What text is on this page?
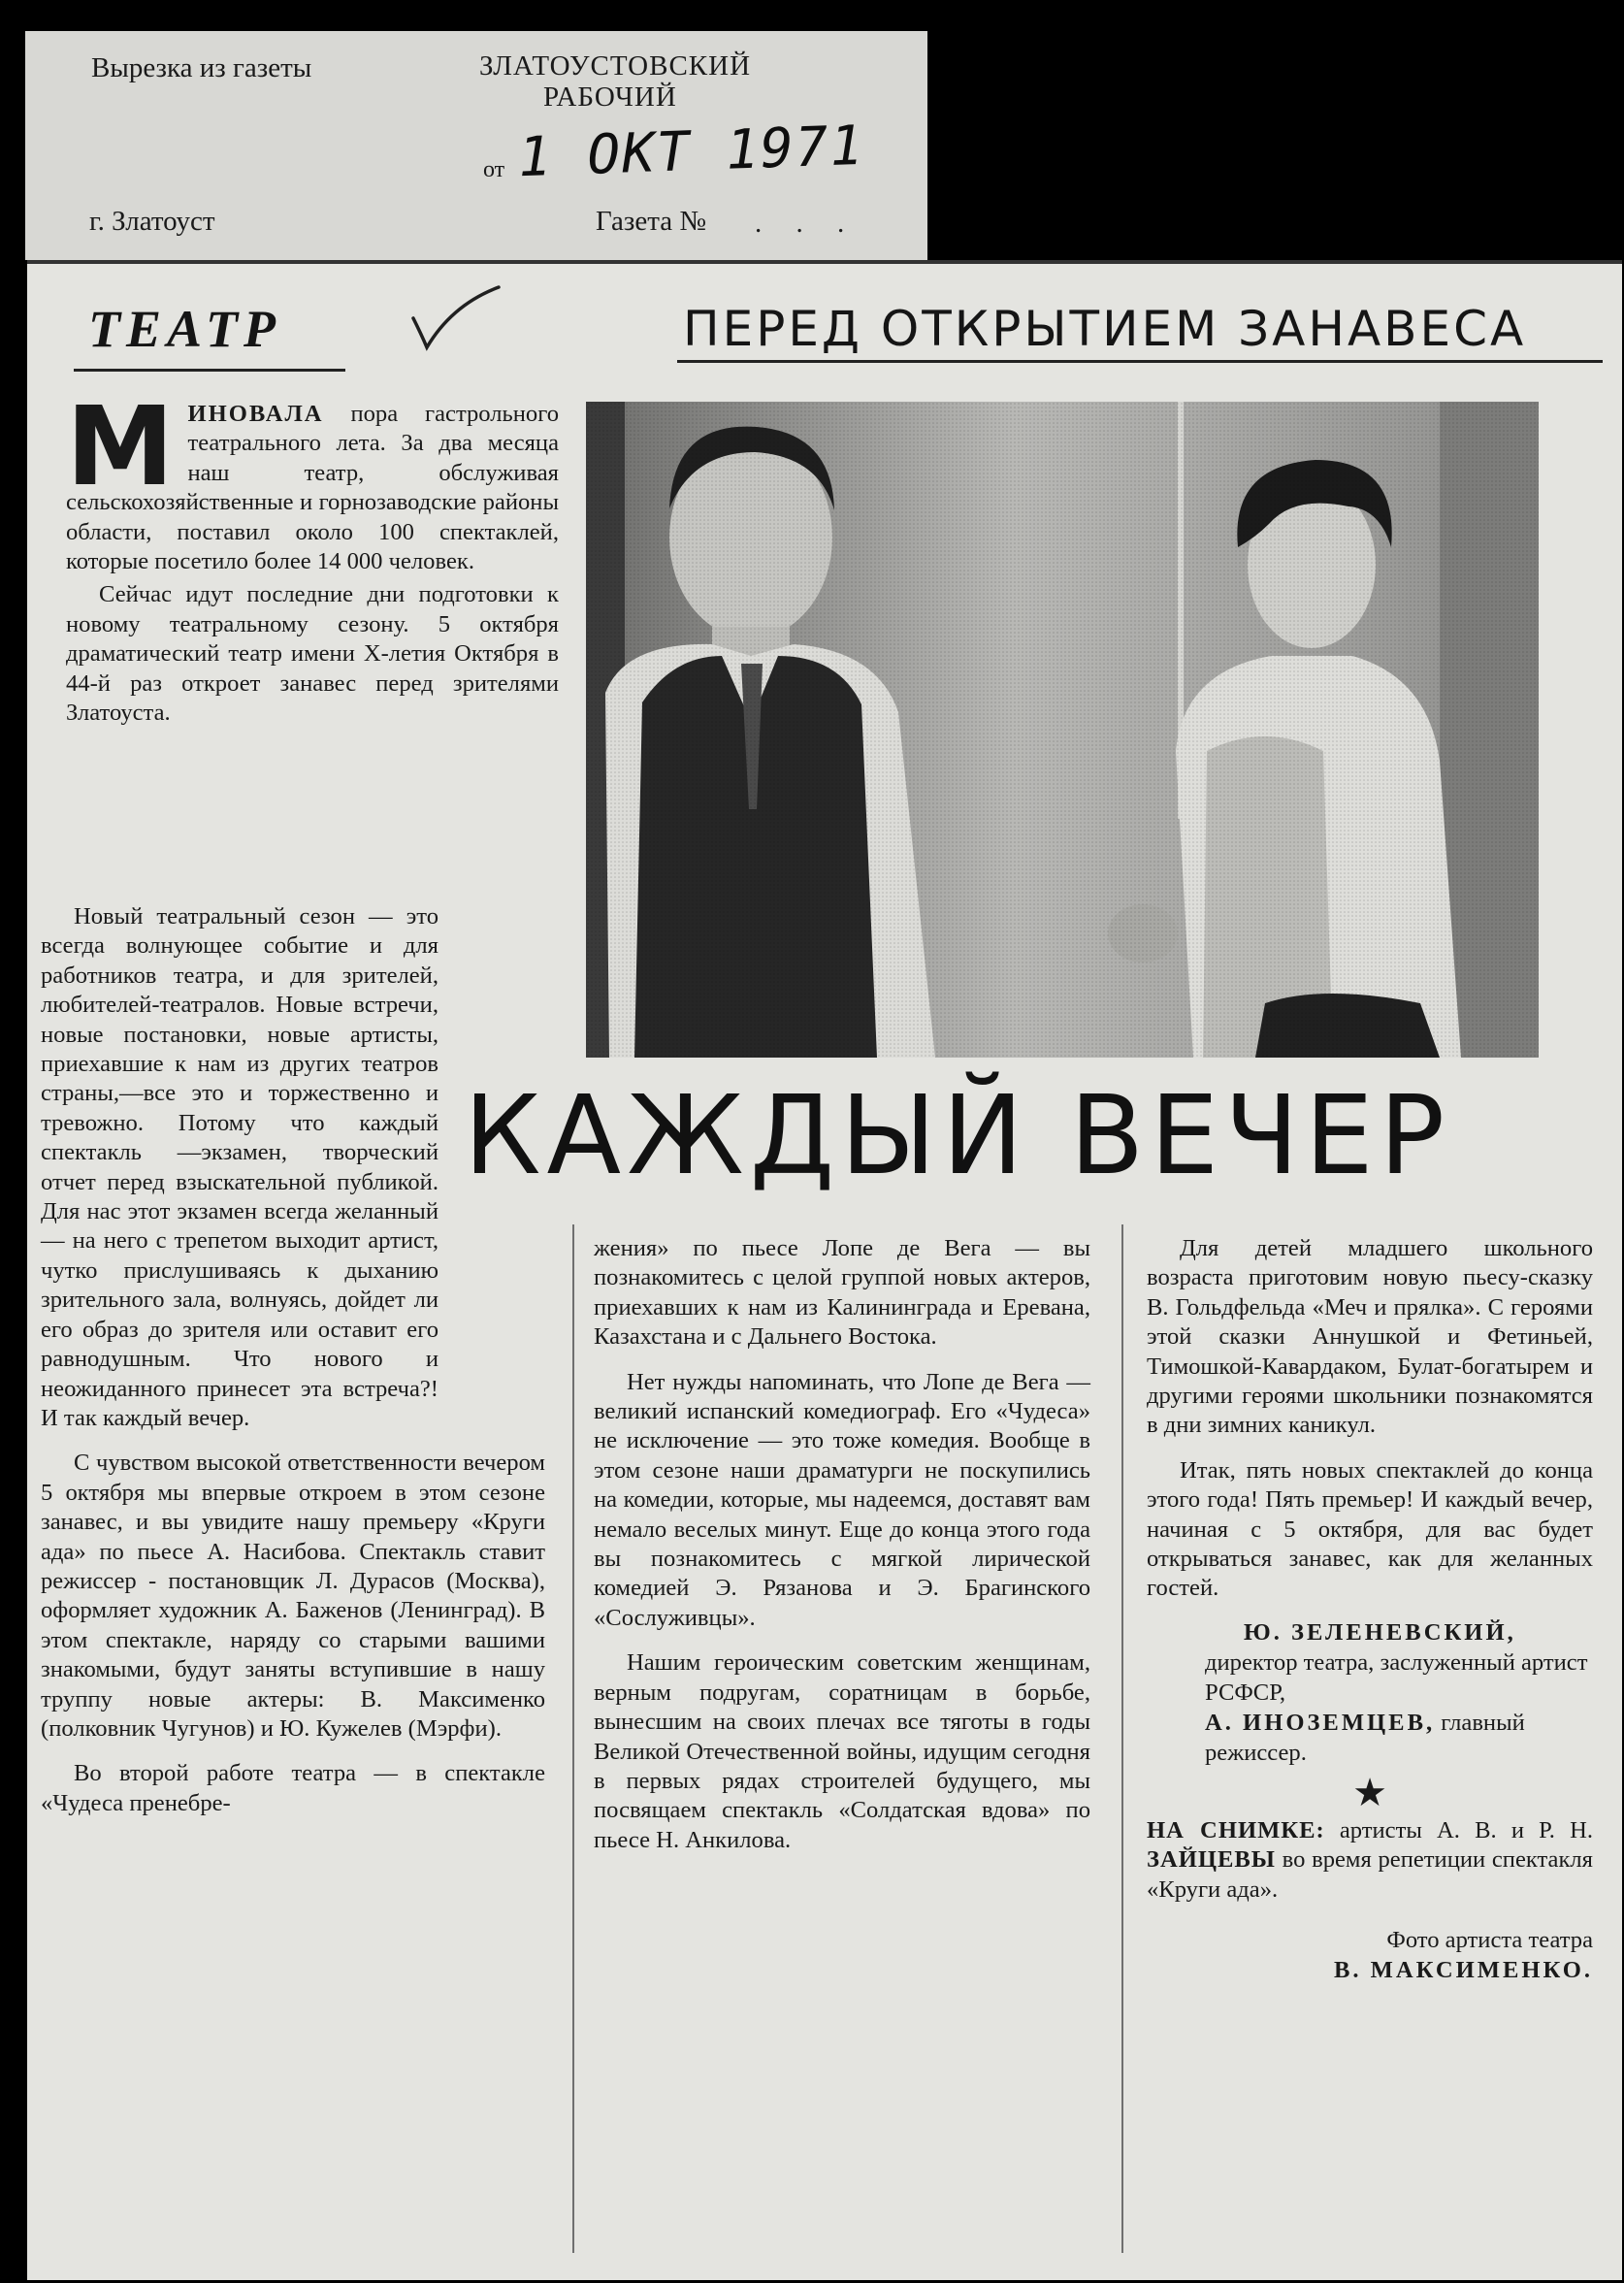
Вырезка из газеты	ЗЛАТОУСТОВСКИЙ
РАБОЧИЙ
от 1 ОКТ 1971
г. Златоуст	Газета № . . .
ТЕАТР	ПЕРЕД ОТКРЫТИЕМ ЗАНАВЕСА

МИНОВАЛА пора гастрольного театрального лета. За два месяца наш театр, обслуживая сельскохозяйственные и горнозаводские районы области, поставил около 100 спектаклей, которые посетило более 14 000 человек.

Сейчас идут последние дни подготовки к новому театральному сезону. 5 октября драматический театр имени X-летия Октября в 44-й раз откроет занавес перед зрителями Златоуста.

Новый театральный сезон — это всегда волнующее событие и для работников театра, и для зрителей, любителей-театралов. Новые встречи, новые постановки, новые артисты, приехавшие к нам из других театров страны,—все это и торжественно и тревожно. Потому что каждый спектакль —экзамен, творческий отчет перед взыскательной публикой. Для нас этот экзамен всегда желанный — на него с трепетом выходит артист, чутко прислушиваясь к дыханию зрительного зала, волнуясь, дойдет ли его образ до зрителя или оставит его равнодушным. Что нового и неожиданного принесет эта встреча?! И так каждый вечер.

С чувством высокой ответственности вечером 5 октября мы впервые откроем в этом сезоне занавес, и вы увидите нашу премьеру «Круги ада» по пьесе А. Насибова. Спектакль ставит режиссер - постановщик Л. Дурасов (Москва), оформляет художник А. Баженов (Ленинград). В этом спектакле, наряду со старыми вашими знакомыми, будут заняты вступившие в нашу труппу новые актеры: В. Максименко (полковник Чугунов) и Ю. Кужелев (Мэрфи).

Во второй работе театра — в спектакле «Чудеса пренебре-

КАЖДЫЙ ВЕЧЕР

жения» по пьесе Лопе де Вега — вы познакомитесь с целой группой новых актеров, приехавших к нам из Калининграда и Еревана, Казахстана и с Дальнего Востока.

Нет нужды напоминать, что Лопе де Вега — великий испанский комедиограф. Его «Чудеса» не исключение — это тоже комедия. Вообще в этом сезоне наши драматурги не поскупились на комедии, которые, мы надеемся, доставят вам немало веселых минут. Еще до конца этого года вы познакомитесь с мягкой лирической комедией Э. Рязанова и Э. Брагинского «Сослуживцы».

Нашим героическим советским женщинам, верным подругам, соратницам в борьбе, вынесшим на своих плечах все тяготы в годы Великой Отечественной войны, идущим сегодня в первых рядах строителей будущего, мы посвящаем спектакль «Солдатская вдова» по пьесе Н. Анкилова.

Для детей младшего школьного возраста приготовим новую пьесу-сказку В. Гольдфельда «Меч и прялка». С героями этой сказки Аннушкой и Фетиньей, Тимошкой-Кавардаком, Булат-богатырем и другими героями школьники познакомятся в дни зимних каникул.

Итак, пять новых спектаклей до конца этого года! Пять премьер! И каждый вечер, начиная с 5 октября, для вас будет открываться занавес, как для желанных гостей.

Ю. ЗЕЛЕНЕВСКИЙ,
директор театра, заслуженный артист РСФСР,
А. ИНОЗЕМЦЕВ, главный режиссер.
★

НА СНИМКЕ: артисты А. В. и Р. Н. ЗАЙЦЕВЫ во время репетиции спектакля «Круги ада».

Фото артиста театра
В. МАКСИМЕНКО.
